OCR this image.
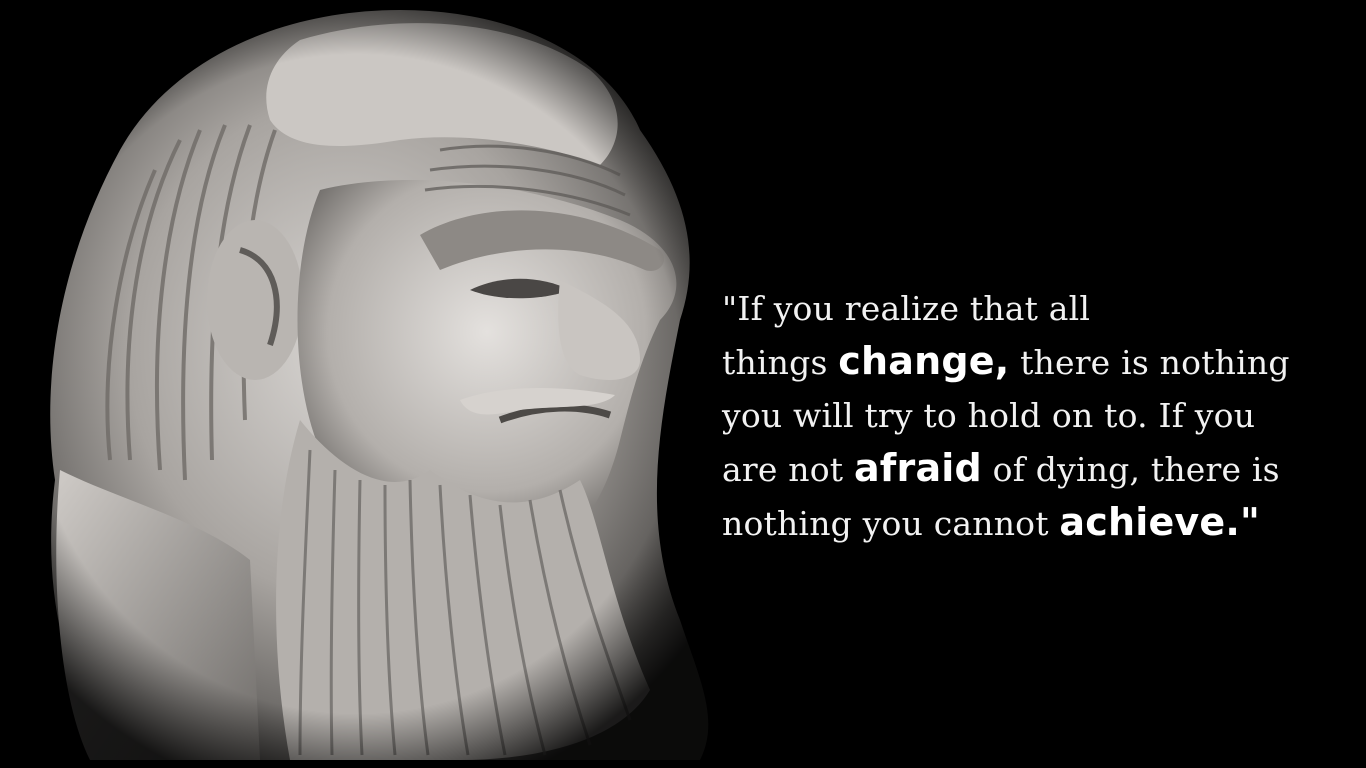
"If you realize that all
things change, there is nothing
you will try to hold on to. If you
are not afraid of dying, there is
nothing you cannot achieve."
